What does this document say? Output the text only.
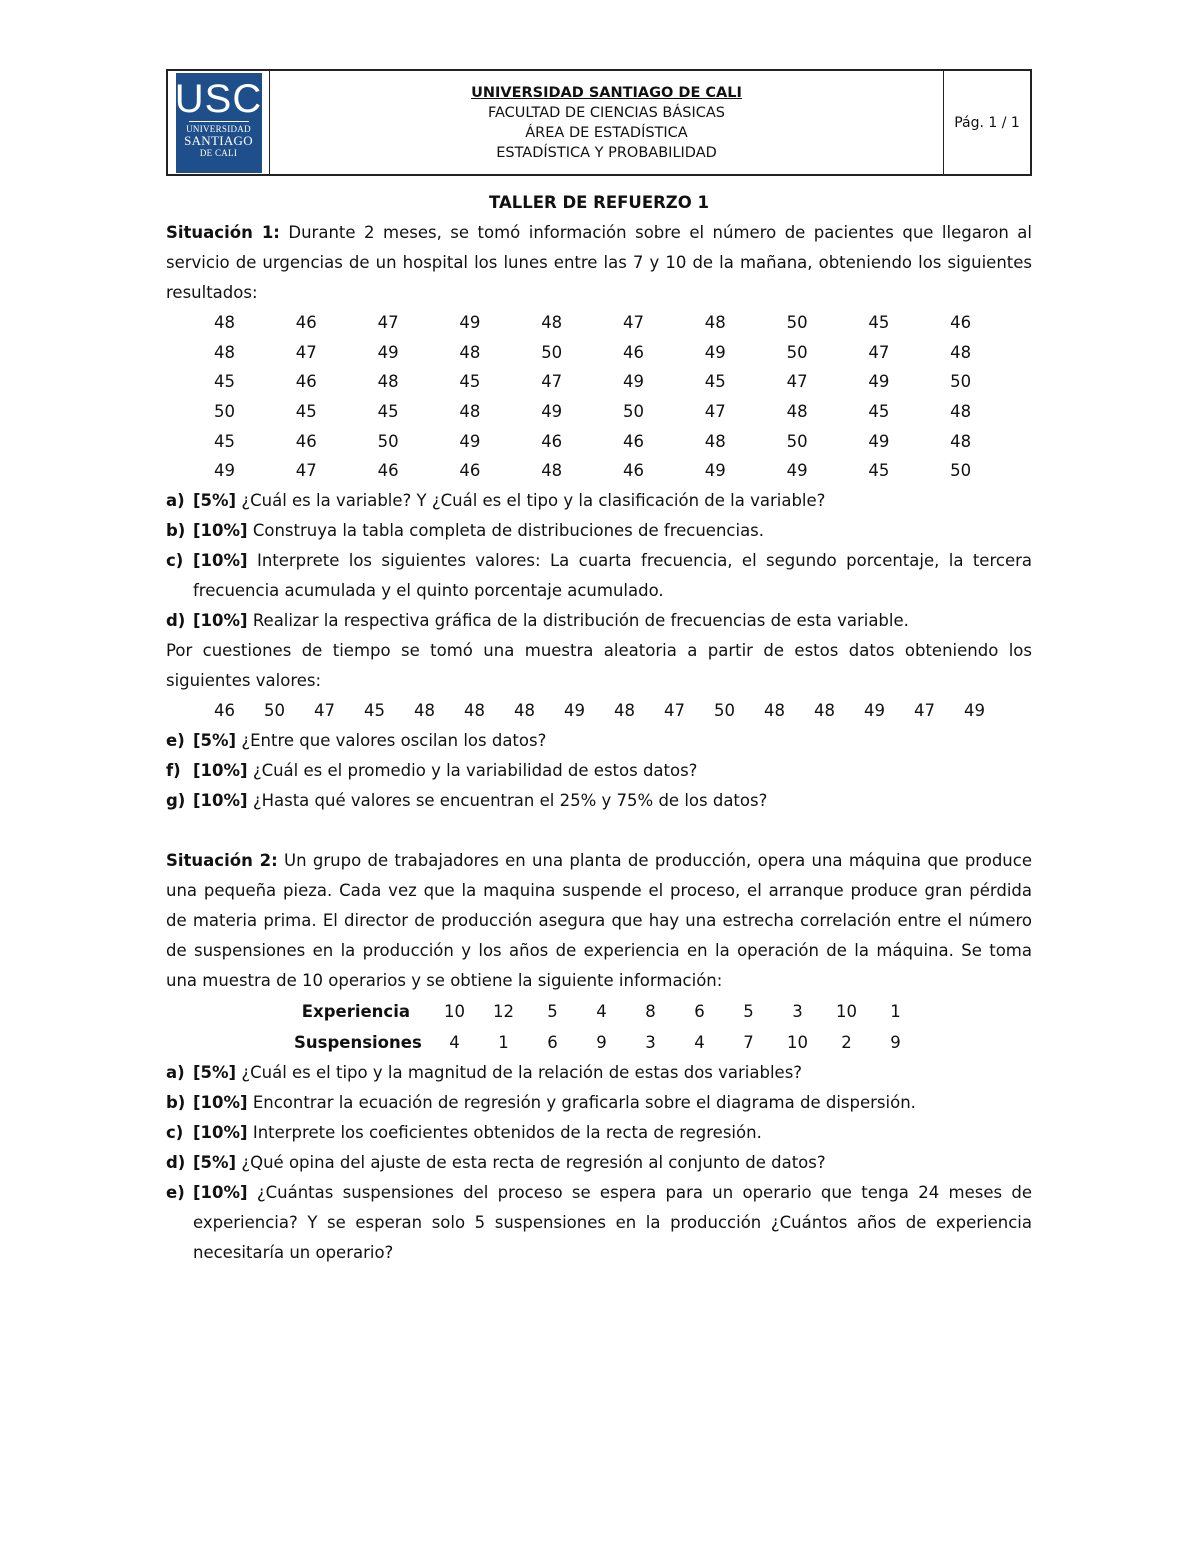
USC
UNIVERSIDAD
SANTIAGO
DE CALI
UNIVERSIDAD SANTIAGO DE CALI
FACULTAD DE CIENCIAS BÁSICAS
ÁREA DE ESTADÍSTICA
ESTADÍSTICA Y PROBABILIDAD
Pág. 1 / 1
TALLER DE REFUERZO 1
Situación 1: Durante 2 meses, se tomó información sobre el número de pacientes que llegaron al servicio de urgencias de un hospital los lunes entre las 7 y 10 de la mañana, obteniendo los siguientes resultados:
48	46	47	49	48	47	48	50	45	46
48	47	49	48	50	46	49	50	47	48
45	46	48	45	47	49	45	47	49	50
50	45	45	48	49	50	47	48	45	48
45	46	50	49	46	46	48	50	49	48
49	47	46	46	48	46	49	49	45	50
a) [5%] ¿Cuál es la variable? Y ¿Cuál es el tipo y la clasificación de la variable?
b) [10%] Construya la tabla completa de distribuciones de frecuencias.
c) [10%] Interprete los siguientes valores: La cuarta frecuencia, el segundo porcentaje, la tercera frecuencia acumulada y el quinto porcentaje acumulado.
d) [10%] Realizar la respectiva gráfica de la distribución de frecuencias de esta variable.
Por cuestiones de tiempo se tomó una muestra aleatoria a partir de estos datos obteniendo los siguientes valores:
46	50	47	45	48	48	48	49	48	47	50	48	48	49	47	49
e) [5%] ¿Entre que valores oscilan los datos?
f) [10%] ¿Cuál es el promedio y la variabilidad de estos datos?
g) [10%] ¿Hasta qué valores se encuentran el 25% y 75% de los datos?
Situación 2: Un grupo de trabajadores en una planta de producción, opera una máquina que produce una pequeña pieza. Cada vez que la maquina suspende el proceso, el arranque produce gran pérdida de materia prima. El director de producción asegura que hay una estrecha correlación entre el número de suspensiones en la producción y los años de experiencia en la operación de la máquina. Se toma una muestra de 10 operarios y se obtiene la siguiente información:
Experiencia	10	12	5	4	8	6	5	3	10	1
Suspensiones	4	1	6	9	3	4	7	10	2	9
a) [5%] ¿Cuál es el tipo y la magnitud de la relación de estas dos variables?
b) [10%] Encontrar la ecuación de regresión y graficarla sobre el diagrama de dispersión.
c) [10%] Interprete los coeficientes obtenidos de la recta de regresión.
d) [5%] ¿Qué opina del ajuste de esta recta de regresión al conjunto de datos?
e) [10%] ¿Cuántas suspensiones del proceso se espera para un operario que tenga 24 meses de experiencia? Y se esperan solo 5 suspensiones en la producción ¿Cuántos años de experiencia necesitaría un operario?
